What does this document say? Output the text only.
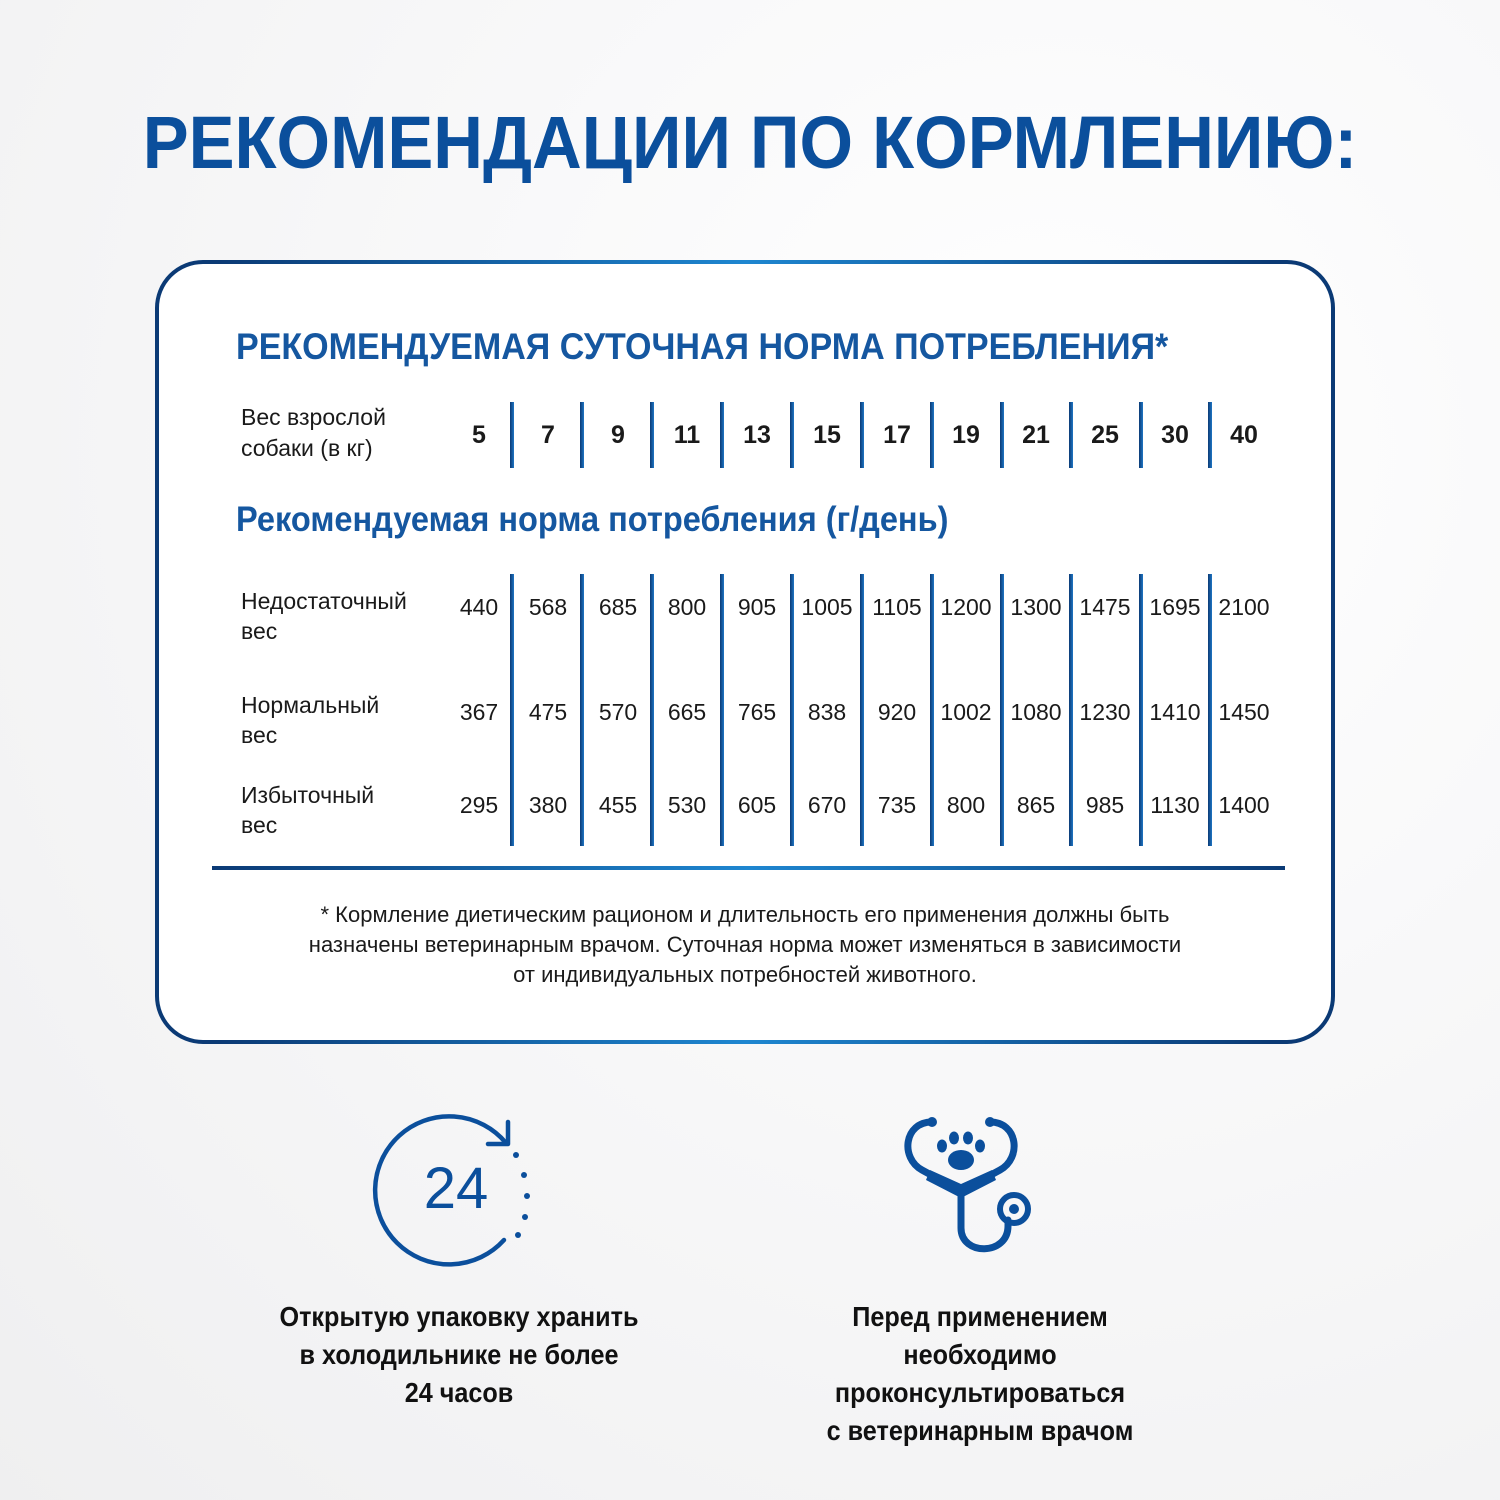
РЕКОМЕНДАЦИИ ПО КОРМЛЕНИЮ:
РЕКОМЕНДУЕМАЯ СУТОЧНАЯ НОРМА ПОТРЕБЛЕНИЯ*
Вес взрослой
собаки (в кг)	5	7	9	11	13	15	17	19	21	25	30	40
Рекомендуемая норма потребления (г/день)
Недостаточный
вес
440	568	685	800	905	1005 1105 1200 1300 1475 1695 2100
Нормальный
вес
367	475	570	665	765	838	920	1002 1080 1230 1410 1450
Избыточный
вес
295	380	455	530	605	670	735	800	865	985	1130 1400
* Кормление диетическим рационом и длительность его применения должны быть
назначены ветеринарным врачом. Суточная норма может изменяться в зависимости
от индивидуальных потребностей животного.
24
Открытую упаковку хранить
в холодильнике не более
24 часов
Перед применением необходимо
проконсультироваться
с ветеринарным врачом
